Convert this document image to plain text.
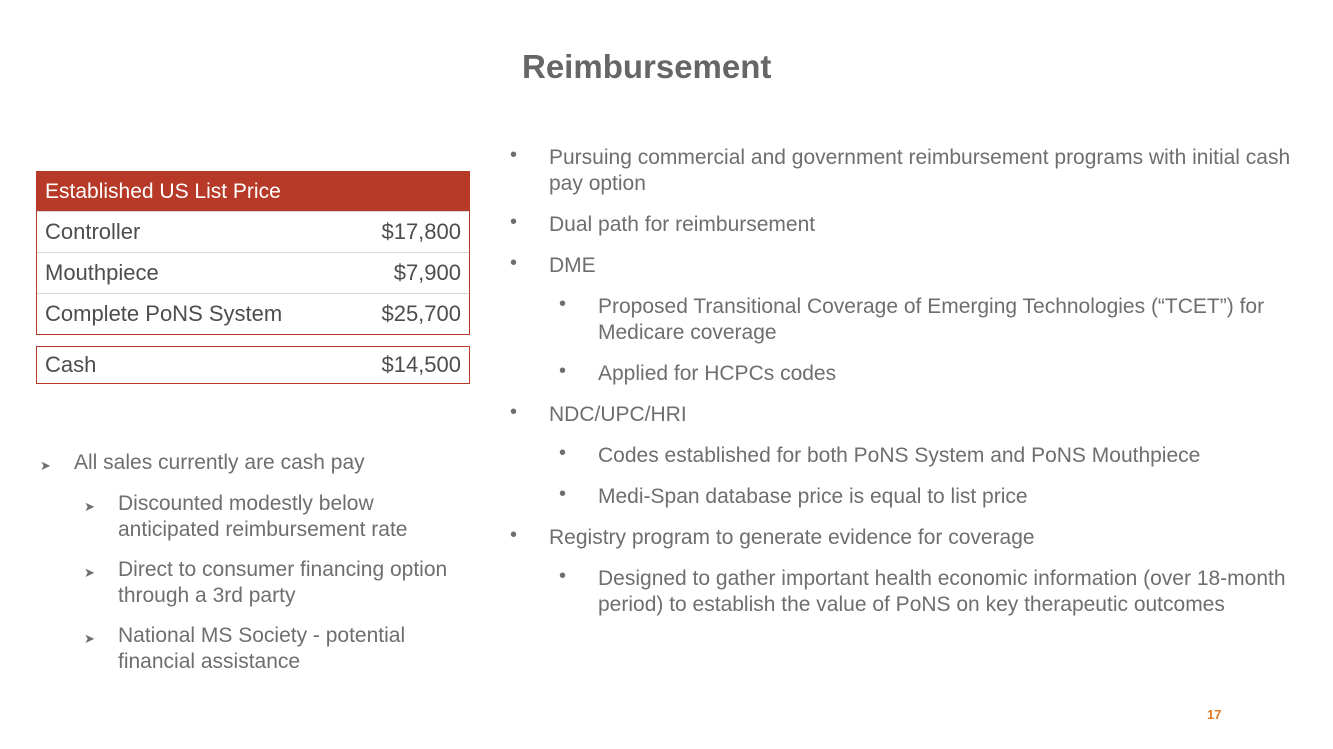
Reimbursement
Established US List Price
Controller	$17,800
Mouthpiece	$7,900
Complete PoNS System	$25,700
Cash	$14,500
➤ All sales currently are cash pay
➤ Discounted modestly below anticipated reimbursement rate
➤ Direct to consumer financing option through a 3rd party
➤ National MS Society - potential financial assistance
• Pursuing commercial and government reimbursement programs with initial cash pay option
• Dual path for reimbursement
• DME
• Proposed Transitional Coverage of Emerging Technologies (“TCET”) for Medicare coverage
• Applied for HCPCs codes
• NDC/UPC/HRI
• Codes established for both PoNS System and PoNS Mouthpiece
• Medi-Span database price is equal to list price
• Registry program to generate evidence for coverage
• Designed to gather important health economic information (over 18-month period) to establish the value of PoNS on key therapeutic outcomes
17
